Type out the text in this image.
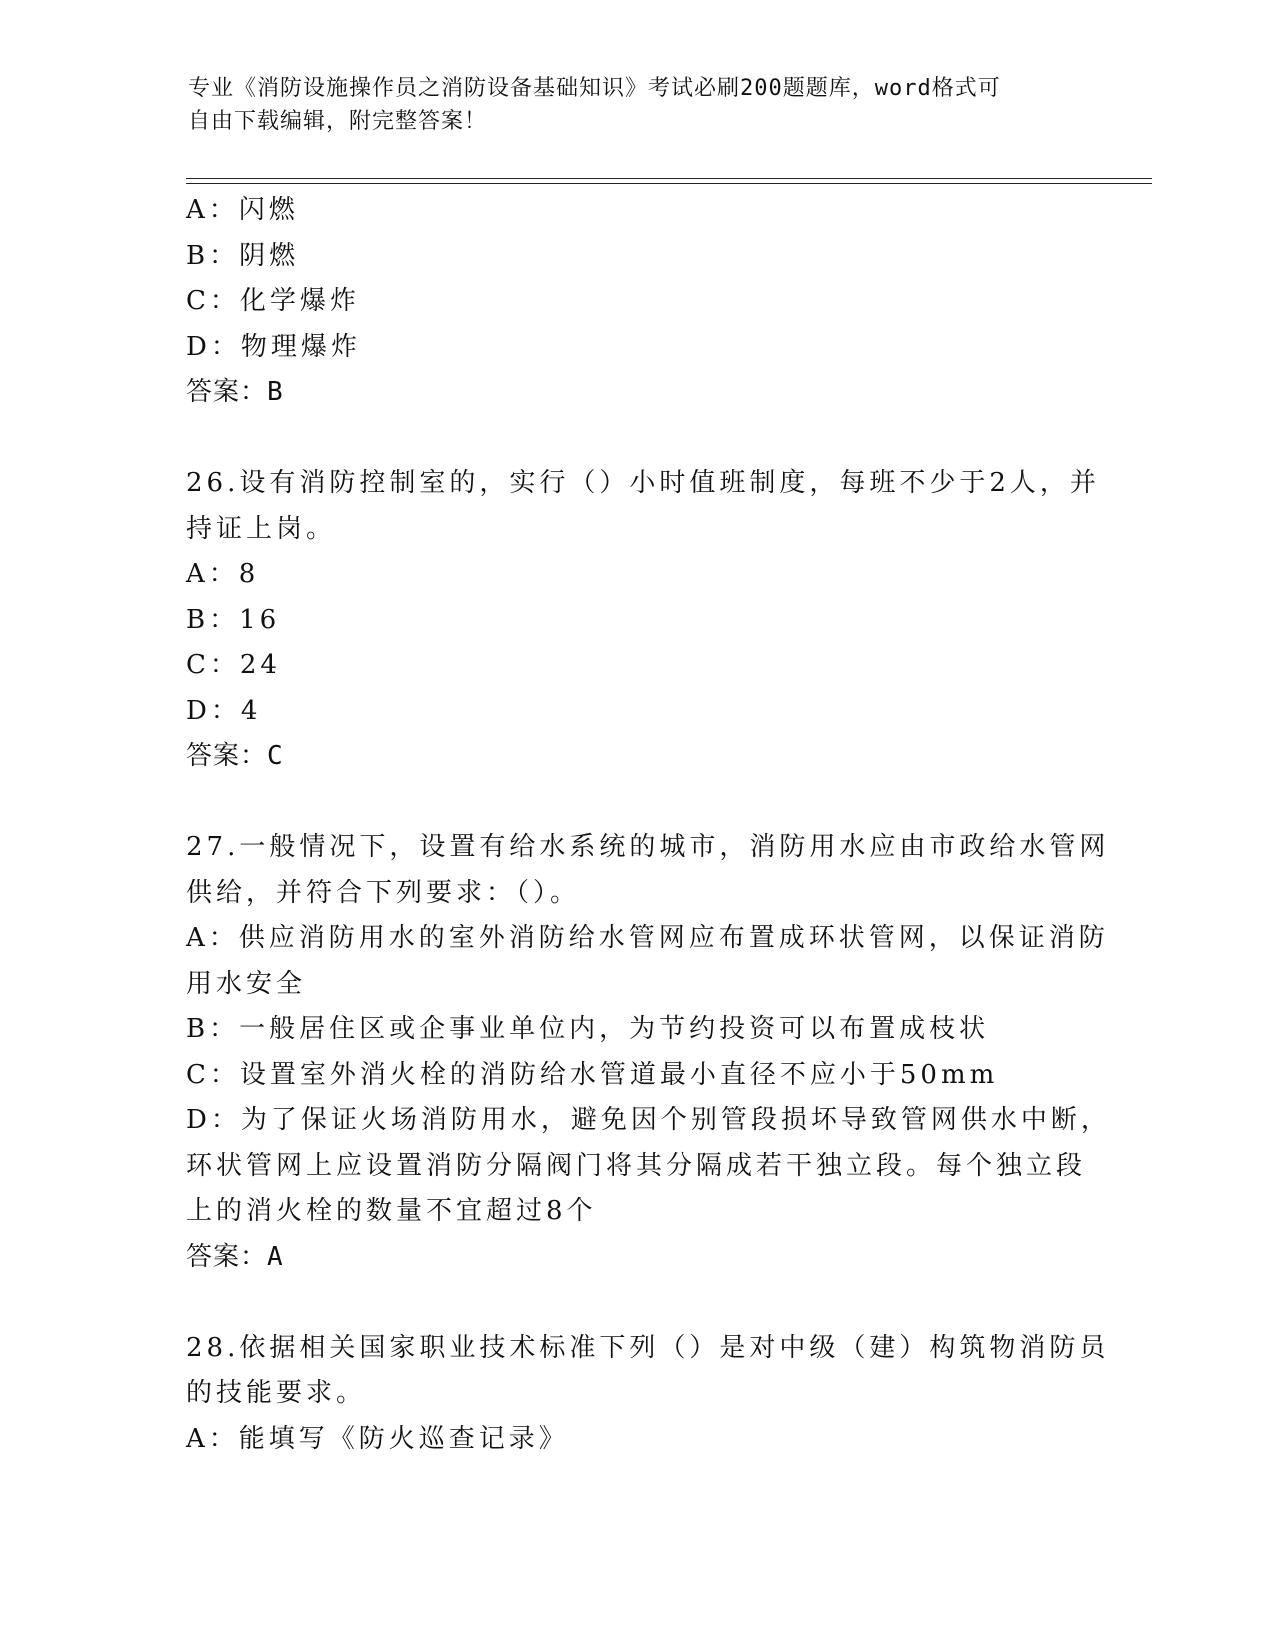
专业《消防设施操作员之消防设备基础知识》考试必刷200题题库，word格式可
自由下载编辑，附完整答案！
A：闪燃
B：阴燃
C：化学爆炸
D：物理爆炸
答案：B
26.设有消防控制室的，实行（）小时值班制度，每班不少于2人，并
持证上岗。
A：8
B：16
C：24
D：4
答案：C
27.一般情况下，设置有给水系统的城市，消防用水应由市政给水管网
供给，并符合下列要求：（）。
A：供应消防用水的室外消防给水管网应布置成环状管网，以保证消防
用水安全
B：一般居住区或企事业单位内，为节约投资可以布置成枝状
C：设置室外消火栓的消防给水管道最小直径不应小于50mm
D：为了保证火场消防用水，避免因个别管段损坏导致管网供水中断，
环状管网上应设置消防分隔阀门将其分隔成若干独立段。每个独立段
上的消火栓的数量不宜超过8个
答案：A
28.依据相关国家职业技术标准下列（）是对中级（建）构筑物消防员
的技能要求。
A：能填写《防火巡查记录》
